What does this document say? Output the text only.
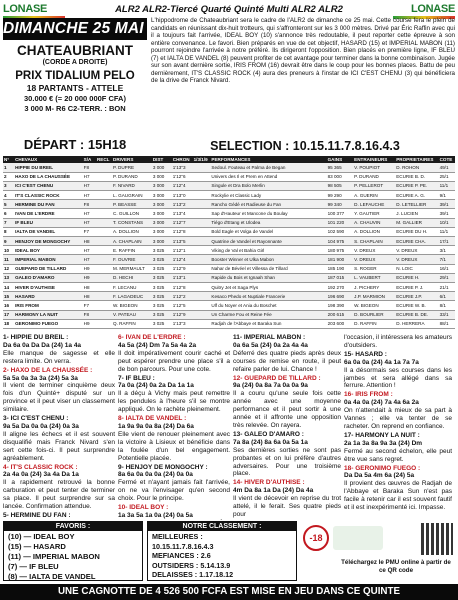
LONASE	ALR2 ALR2-Tiercé Quarté Quinté Multi ALR2 ALR2	LONASE
DIMANCHE 25 MAI 2025
CHATEAUBRIANT
(CORDE A DROITE)
PRIX TIDALIUM PELO
18 PARTANTS - ATTELE
30.000 € (= 20 000 000F CFA)
3 000 M- R6 C2-TERR. : BON
DÉPART : 15H18
L'hippodrome de Chateaubriant sera le cadre de l'ALR2 de dimanche ce 25 mai. Cette course fera le plein de candidats en réunissant dix-huit trotteurs, qui s'affronteront sur les 3 000 mètres. Drivé par Éric Raffin avec qui il a toujours fait l'arrivée, IDEAL BOY (10) s'annonce très redoutable, il peut reporter cette épreuve à son entière convenance. Le favori. Bien préparés en vue de cet objectif, HASARD (15) et IMPERIAL MABON (11) pourront rejoindre l'arrivée à notre préféré. Ils dirigeront l'opposition. Bien placés en première ligne, IF BLEU (7) et IALTA DE VANDEL (8) peuvent profiter de cet avantage pour terminer dans la bonne combinaison. Jugée sur son avant dernière sortie, IRIS FROM (16) devrait être dans le coup pour les bonnes places. Battu de peu dernièrement, IT'S CLASSIC ROCK (4) aura des preneurs à l'instar de ICI C'EST CHENU (3) qui bénéficiera de la drive de Franck Nivard.
SELECTION : 10.15.11.7.8.16.4.3
N°	CHEVAUX	S/A	RECL	DRIVERS	DIST	CHRON	1/3/1/9	PERFORMANCES	GAINS	ENTRAINEURS	PROPRIETAIRES	COTE
1	HIPPIE DU BREIL	F8		P. DUPRE	3 000	1'13"3		Sedoul. Fouteau et Palma de Began	95 365	V. POUPIOT	D. ROHON	49/1
2	HAXO DE LA CHAUSSÉE	H7		P. DURAND	3 000	1'12"6		Univers des Il et Prem en Attend	83 000	P. DURAND	ECURIE B. D.	25/1
3	ICI C'EST CHENU	H7		F. NIVARD	3 000	1'12"4		Singule et Dra Bolo Merlin	98 505	P. PELLEROT	ECURIE P. PE.	11/1
4	IT'S CLASSIC ROCK	H7		L. GAUGRAIN	3 000	1'13"0		Rockylie et Classic Lady	99 290	A. GUERIN	ECURIE A. G.	9/1
5	HERMINE DU FAN	F8		P. BEASSE	3 000	1'13"2		Rancho Gédé et Radieuse du Fan	99 340	D. LEFAUCHE	D. LETELLIER	39/1
6	IVAN DE L'ERDRE	H7		C. GUILLON	3 000	1'13"4		Sap d'Hauteur et Mancone du Boulay	100 377	Y. GAUTIER	J. LUCIEN	39/1
7	IF BLEU	H7		T. CONSTANS	3 000	1'12"7		Tiégo d'Etang et Ulodea	101 220	A. CHAUVIN	M. GALLIER	10/1
8	IALTA DE VANDEL	F7		A. DOLLION	3 000	1'12"8		Bold Eagle et Volga de Vandel	102 590	A. DOLLION	ECURIE DU H.	11/1
9	HENJOY DE MONGOCHY	H8		A. CHAPLAIN	3 000	1'13"5		Quatrine de Vandel et Rayonnante	104 975	S. CHAPLAIN	ECURIE CHA.	17/1
10	IDEAL BOY	H7		E. RAFFIN	3 025	1'12"1		Viking de Val et Bahia Girl	180 975	V. DREUX	V. DREUX	3/1
11	IMPERIAL MABON	H7		F. OUVRIE	3 025	1'12"4		Booster Winner et Ulka Mabon	181 900	V. DREUX	V. DREUX	7/1
12	GUEPARD DE TILLARD	H9		M. MERMAULT	3 025	1'12"9		Nahar de Bévéel et Villessa de Tillard	185 190	S. ROGER	N. LOIC	16/1
13	GALEO D'AMARO	H9		D. HECHI	3 025	1'13"1		Rapide du Bois et Ignaah Shan	187 015	L. VAUBERT	ECURIE H.	29/1
14	HIVER D'AUTHISE	H8		F. LECANU	3 025	1'12"8		Quitry Jet et Saga Plys	192 270	J. PICHERY	ECURIE P. J.	21/1
15	HASARD	H8		F. LAGADEUC	3 025	1'12"2		Kesaco Phedo et Nuptiale Francerie	196 690	J.P. MARMION	ECURIE J.P.	6/1
16	IRIS FROM	F7		W. BIGEON	3 025	1'12"5		Ulf du Noyer et Ania du Boschet	198 390	W. BIGEON	ECURIE W. B.	8/1
17	HARMONY LA NUIT	F8		V. PATEAU	3 025	1'12"9		Un Charme Fou et Reine Fée	200 615	D. BOURLIER	ECURIE B. DE.	33/1
18	GERONIMO FUEGO	H9		Q. RAFFIN	3 025	1'13"3		Radjah de l'Abbaye et Baraka Sun	203 600	D. RAFFIN	D. HERRERA	88/1

1- HIPPIE DU BREIL :
Da 6a 0a Da Da (24) 1a 4a
Elle manque de sagesse et elle restera limite. On verra.

2- HAXO DE LA CHAUSSÉE :
5a 5a 0a 3a 3a (24) 5a 3a
Il vient de terminer cinquième deux fois d'un Quinté+ disputé sur un province et il peut viser un classement similaire.

3- ICI C'EST CHENU :
9a 5a Da 0a 0a (24) 0a 3a
Il aligne les échecs et il est souvent disqualifié mais Franck Nivard s'en sert cette fois-ci. Il peut surprendre agréablement.

4- IT'S CLASSIC ROCK :
2a 4a 0a (24) 3a 4a Da 1a
Il a rapidement retrouvé la bonne carburation et peut tenter de terminer sa place. Il peut surprendre sur sa lancée. Confirmation attendue.

5- HERMINE DU FAN :

6- IVAN DE L'ERDRE :
4a 5a (24) Dm 7a 5a 4a 2a
Il doit impérativement courir caché et peut espérer prendre une place s'il a de bon parcours. Pour une cote.

7- IF BLEU :
7a 0a (24) 0a 2a Da 1a 1a
Il a déçu à Vichy mais peut remettre les pendules à l'heure s'il se montre appliqué. On le rachète pleinement.

8- IALTA DE VANDEL :
1a 9a 9a 0a 8a (24) Da 6a
Elle vient de renouer pleinement avec la victoire à Lisieux et bénéficie dans la foulée d'un bel engagement. Potentielle placée.

9- HENJOY DE MONGOCHY :
8a 6a 0a 0a 0a (24) 0a 0a
Fermé et n'ayant jamais fait l'arrivée, on ne va l'envisager qu'en second choix. Pour le principe.

10- IDEAL BOY :
1a 3a 5a 1a 0a (24) 0a 5a

11- IMPERIAL MABON :
0a 6a 5a (24) 0a 2a 4a 4a
Déferré des quatre pieds après deux courses de remise en route, il peut refaire parler de lui. Chance !

12- GUEPARD DE TILLARD :
9a (24) 0a 8a 7a 0a 0a 9a
Il a couru qu'une seule fois cette année avec une moyenne performance et il peut sortir à une année et il affronte une opposition très relevée. On rayera.

13- GALEO D'AMARO :
7a 8a (24) 8a 6a 0a 5a 1a
Ses dernières sorties ne sont pas probantes et on lui préfère d'autres adversaires. Pour une troisième place.

14- HIVER D'AUTHISE :
4m Da 8a 1a Da (24) Da 4a
Il vient de décevoir en reprise du trot attelé, il le ferait. Ses quatre pieds pour

l'occasion, il intéressera les amateurs d'outsiders.

15- HASARD :
6a 0a 0a (24) 4a 1a 7a 7a
Il a désormais ses courses dans les jambes et sera allégé dans sa ferrure. Attention !

16- IRIS FROM :
0a 4a 0a (24) 7a 4a 6a 2a
On n'attendait à mieux de sa part à Vannes ; elle va tenter de se racheter. On reprend en confiance.

17- HARMONY LA NUIT :
2a 1a 3a 8a 9a 3a (24) Dm
Fermé au second échelon, elle peut être vue sans regret.

18- GERONIMO FUEGO :
Da Da 5a 4m 6a (24) 5a
Il provient des œuvres de Radjah de l'Abbaye et Baraka Sun n'est pas facile à retenir car il est souvent fautif et il est inexpérimenté ici. Impasse.

FAVORIS :
(10) — IDEAL BOY
(15) — HASARD
(11) — IMPERIAL MABON
(7) — IF BLEU
(8) — IALTA DE VANDEL
NOTRE CLASSEMENT :
MEILLEURES :
10.15.11.7.8.16.4.3
MEFIANCES : 2.6
OUTSIDERS : 5.14.13.9
DELAISSES : 1.17.18.12
-18
Téléchargez le PMU online à partir de ce QR code
UNE CAGNOTTE DE 4 526 500 FCFA EST MISE EN JEU DANS CE QUINTE
